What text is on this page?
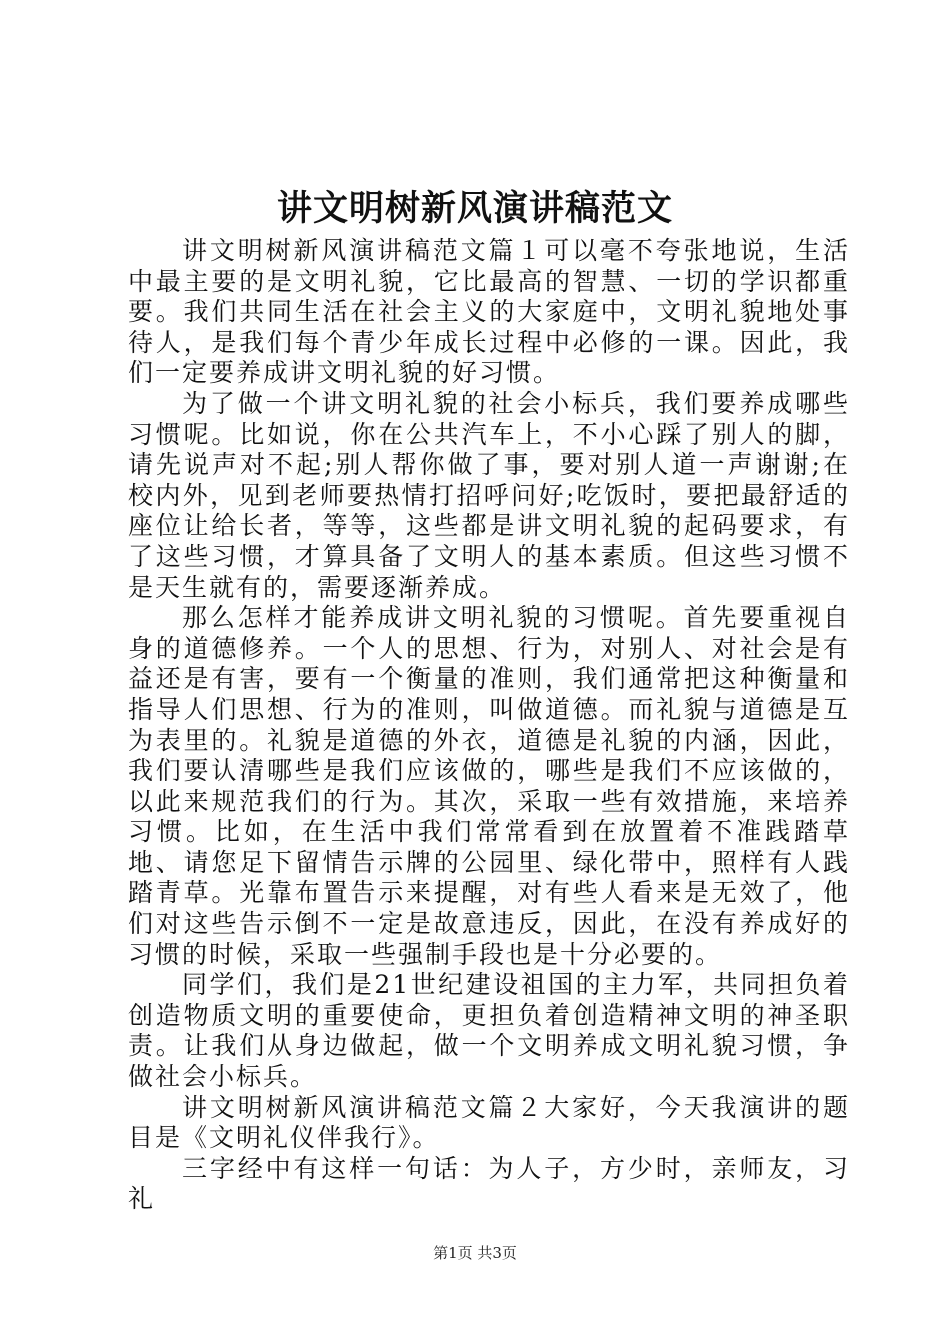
讲文明树新风演讲稿范文

讲文明树新风演讲稿范文篇１可以毫不夸张地说，生活中最主要的是文明礼貌，它比最高的智慧、一切的学识都重要。我们共同生活在社会主义的大家庭中，文明礼貌地处事待人，是我们每个青少年成长过程中必修的一课。因此，我们一定要养成讲文明礼貌的好习惯。

为了做一个讲文明礼貌的社会小标兵，我们要养成哪些习惯呢。比如说，你在公共汽车上，不小心踩了别人的脚，请先说声对不起;别人帮你做了事，要对别人道一声谢谢;在校内外，见到老师要热情打招呼问好;吃饭时，要把最舒适的座位让给长者，等等，这些都是讲文明礼貌的起码要求，有了这些习惯，才算具备了文明人的基本素质。但这些习惯不是天生就有的，需要逐渐养成。

那么怎样才能养成讲文明礼貌的习惯呢。首先要重视自身的道德修养。一个人的思想、行为，对别人、对社会是有益还是有害，要有一个衡量的准则，我们通常把这种衡量和指导人们思想、行为的准则，叫做道德。而礼貌与道德是互为表里的。礼貌是道德的外衣，道德是礼貌的内涵，因此，我们要认清哪些是我们应该做的，哪些是我们不应该做的，以此来规范我们的行为。其次，采取一些有效措施，来培养习惯。比如，在生活中我们常常看到在放置着不准践踏草地、请您足下留情告示牌的公园里、绿化带中，照样有人践踏青草。光靠布置告示来提醒，对有些人看来是无效了，他们对这些告示倒不一定是故意违反，因此，在没有养成好的习惯的时候，采取一些强制手段也是十分必要的。

同学们，我们是21世纪建设祖国的主力军，共同担负着创造物质文明的重要使命，更担负着创造精神文明的神圣职责。让我们从身边做起，做一个文明养成文明礼貌习惯，争做社会小标兵。

讲文明树新风演讲稿范文篇２大家好，今天我演讲的题目是《文明礼仪伴我行》。

三字经中有这样一句话：为人子，方少时，亲师友，习礼

第1页 共3页
